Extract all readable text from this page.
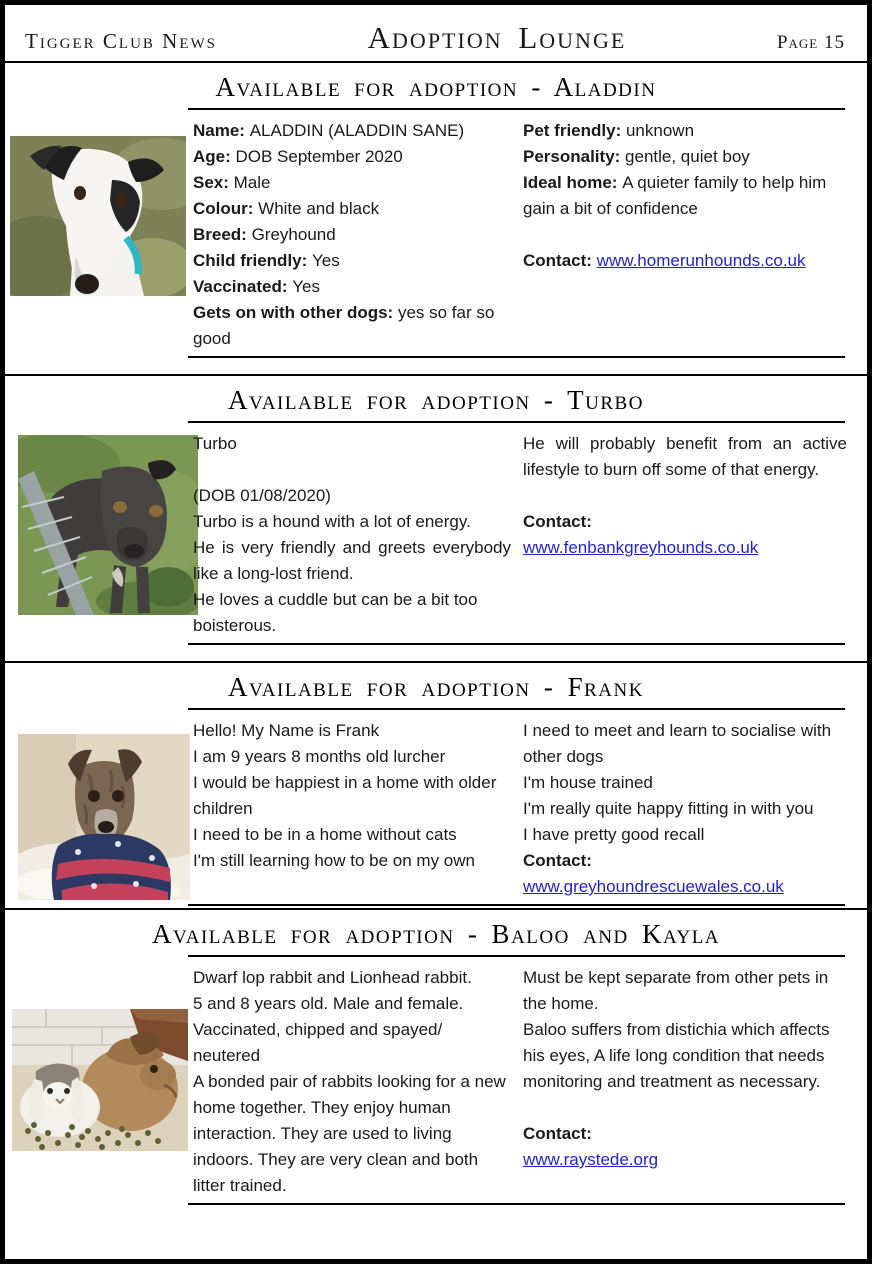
Tigger Club News	Adoption Lounge	Page 15
Available for adoption - Aladdin

Name: ALADDIN (ALADDIN SANE)

Age: DOB September 2020

Sex: Male

Colour: White and black

Breed: Greyhound

Child friendly: Yes

Vaccinated: Yes

Gets on with other dogs: yes so far so good

Pet friendly: unknown

Personality: gentle, quiet boy

Ideal home: A quieter family to help him gain a bit of confidence

Contact: www.homerunhounds.co.uk

Available for adoption - Turbo

Turbo

(DOB 01/08/2020)

Turbo is a hound with a lot of energy.

He is very friendly and greets everybody like a long-lost friend.

He loves a cuddle but can be a bit too boisterous.

He will probably benefit from an active lifestyle to burn off some of that energy.

Contact:

www.fenbankgreyhounds.co.uk

Available for adoption - Frank

Hello! My Name is Frank

I am 9 years 8 months old lurcher

I would be happiest in a home with older children

I need to be in a home without cats

I'm still learning how to be on my own

I need to meet and learn to socialise with other dogs

I'm house trained

I'm really quite happy fitting in with you

I have pretty good recall

Contact:

www.greyhoundrescuewales.co.uk

Available for adoption - Baloo and Kayla

Dwarf lop rabbit and Lionhead rabbit.

5 and 8 years old. Male and female.

Vaccinated, chipped and spayed/

neutered

A bonded pair of rabbits looking for a new home together. They enjoy human interaction. They are used to living indoors. They are very clean and both litter trained.

Must be kept separate from other pets in the home.

Baloo suffers from distichia which affects his eyes, A life long condition that needs monitoring and treatment as necessary.

Contact:

www.raystede.org
